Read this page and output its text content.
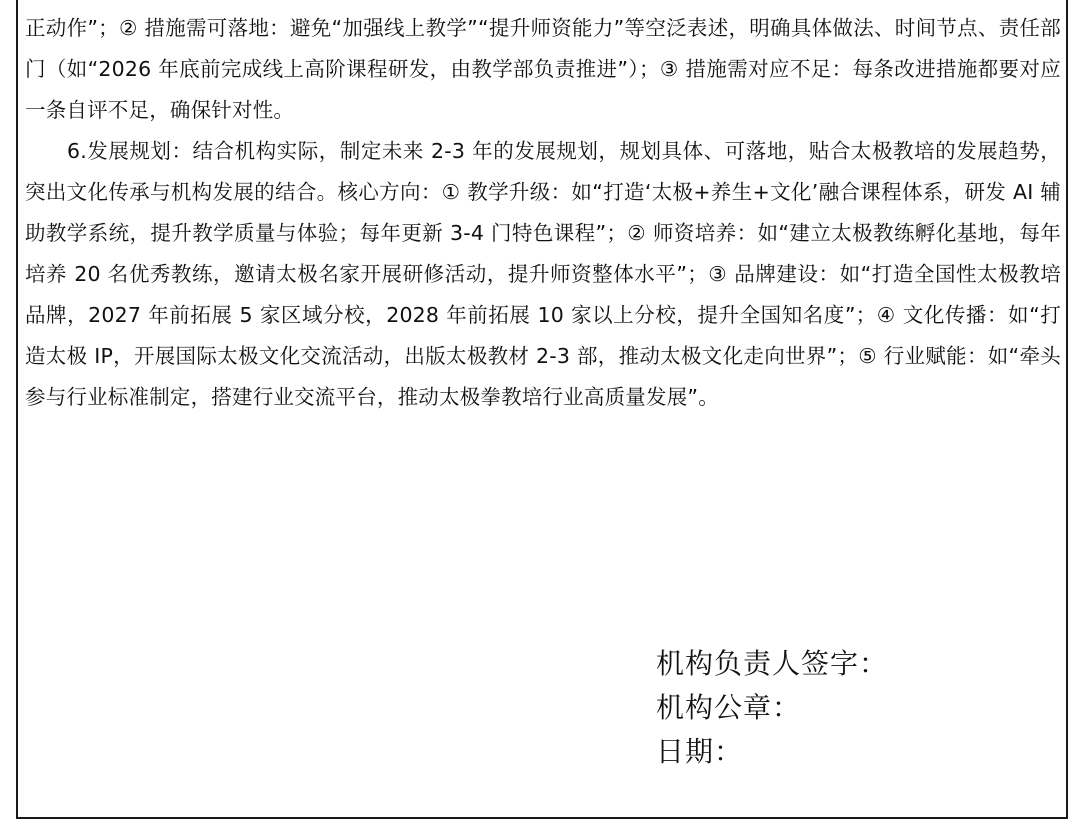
正动作”；② 措施需可落地：避免“加强线上教学”“提升师资能力”等空泛表述，明确具体做法、时间节点、责任部门（如“2026 年底前完成线上高阶课程研发，由教学部负责推进”）；③ 措施需对应不足：每条改进措施都要对应一条自评不足，确保针对性。

6.发展规划：结合机构实际，制定未来 2-3 年的发展规划，规划具体、可落地，贴合太极教培的发展趋势，突出文化传承与机构发展的结合。核心方向：① 教学升级：如“打造‘太极+养生+文化’融合课程体系，研发 AI 辅助教学系统，提升教学质量与体验；每年更新 3-4 门特色课程”；② 师资培养：如“建立太极教练孵化基地，每年培养 20 名优秀教练，邀请太极名家开展研修活动，提升师资整体水平”；③ 品牌建设：如“打造全国性太极教培品牌，2027 年前拓展 5 家区域分校，2028 年前拓展 10 家以上分校，提升全国知名度”；④ 文化传播：如“打造太极 IP，开展国际太极文化交流活动，出版太极教材 2-3 部，推动太极文化走向世界”；⑤ 行业赋能：如“牵头参与行业标准制定，搭建行业交流平台，推动太极拳教培行业高质量发展”。

机构负责人签字：

机构公章：

日期：
